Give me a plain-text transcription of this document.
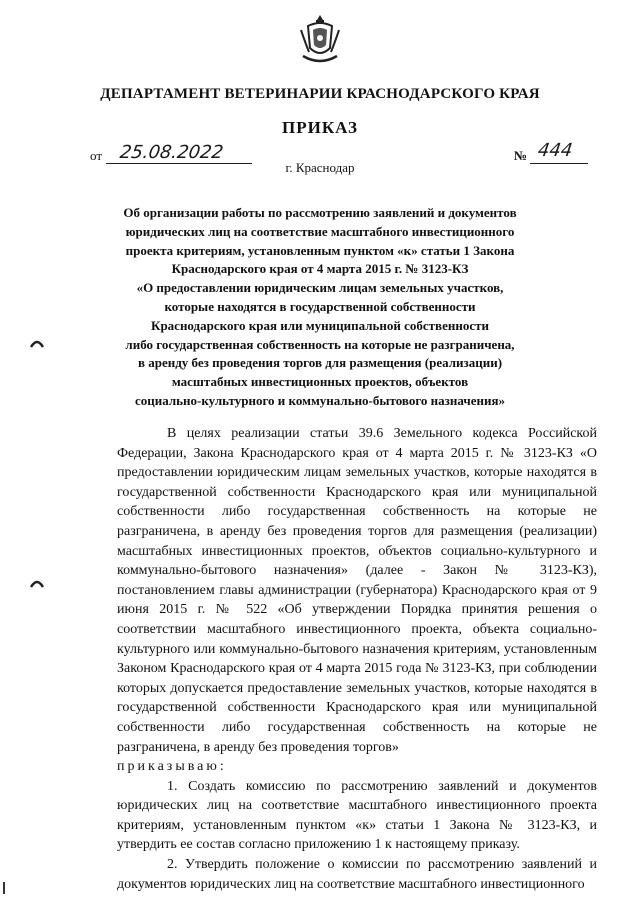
ДЕПАРТАМЕНТ ВЕТЕРИНАРИИ КРАСНОДАРСКОГО КРАЯ
ПРИКАЗ
от 25.08.2022	№ 444
г. Краснодар
Об организации работы по рассмотрению заявлений и документов
юридических лиц на соответствие масштабного инвестиционного
проекта критериям, установленным пунктом «к» статьи 1 Закона
Краснодарского края от 4 марта 2015 г. № 3123-КЗ
«О предоставлении юридическим лицам земельных участков,
которые находятся в государственной собственности
Краснодарского края или муниципальной собственности
либо государственная собственность на которые не разграничена,
в аренду без проведения торгов для размещения (реализации)
масштабных инвестиционных проектов, объектов
социально-культурного и коммунально-бытового назначения»

В целях реализации статьи 39.6 Земельного кодекса Российской Федерации, Закона Краснодарского края от 4 марта 2015 г. № 3123-КЗ «О предоставлении юридическим лицам земельных участков, которые находятся в государственной собственности Краснодарского края или муниципальной собственности либо государственная собственность на которые не разграничена, в аренду без проведения торгов для размещения (реализации) масштабных инвестиционных проектов, объектов социально-культурного и коммунально-бытового назначения» (далее - Закон № 3123-КЗ), постановлением главы администрации (губернатора) Краснодарского края от 9 июня 2015 г. № 522 «Об утверждении Порядка принятия решения о соответствии масштабного инвестиционного проекта, объекта социально-культурного или коммунально-бытового назначения критериям, установленным Законом Краснодарского края от 4 марта 2015 года № 3123-КЗ, при соблюдении которых допускается предоставление земельных участков, которые находятся в государственной собственности Краснодарского края или муниципальной собственности либо государственная собственность на которые не разграничена, в аренду без проведения торгов»

приказываю:

1. Создать комиссию по рассмотрению заявлений и документов юридических лиц на соответствие масштабного инвестиционного проекта критериям, установленным пунктом «к» статьи 1 Закона № 3123-КЗ, и утвердить ее состав согласно приложению 1 к настоящему приказу.

2. Утвердить положение о комиссии по рассмотрению заявлений и документов юридических лиц на соответствие масштабного инвестиционного
